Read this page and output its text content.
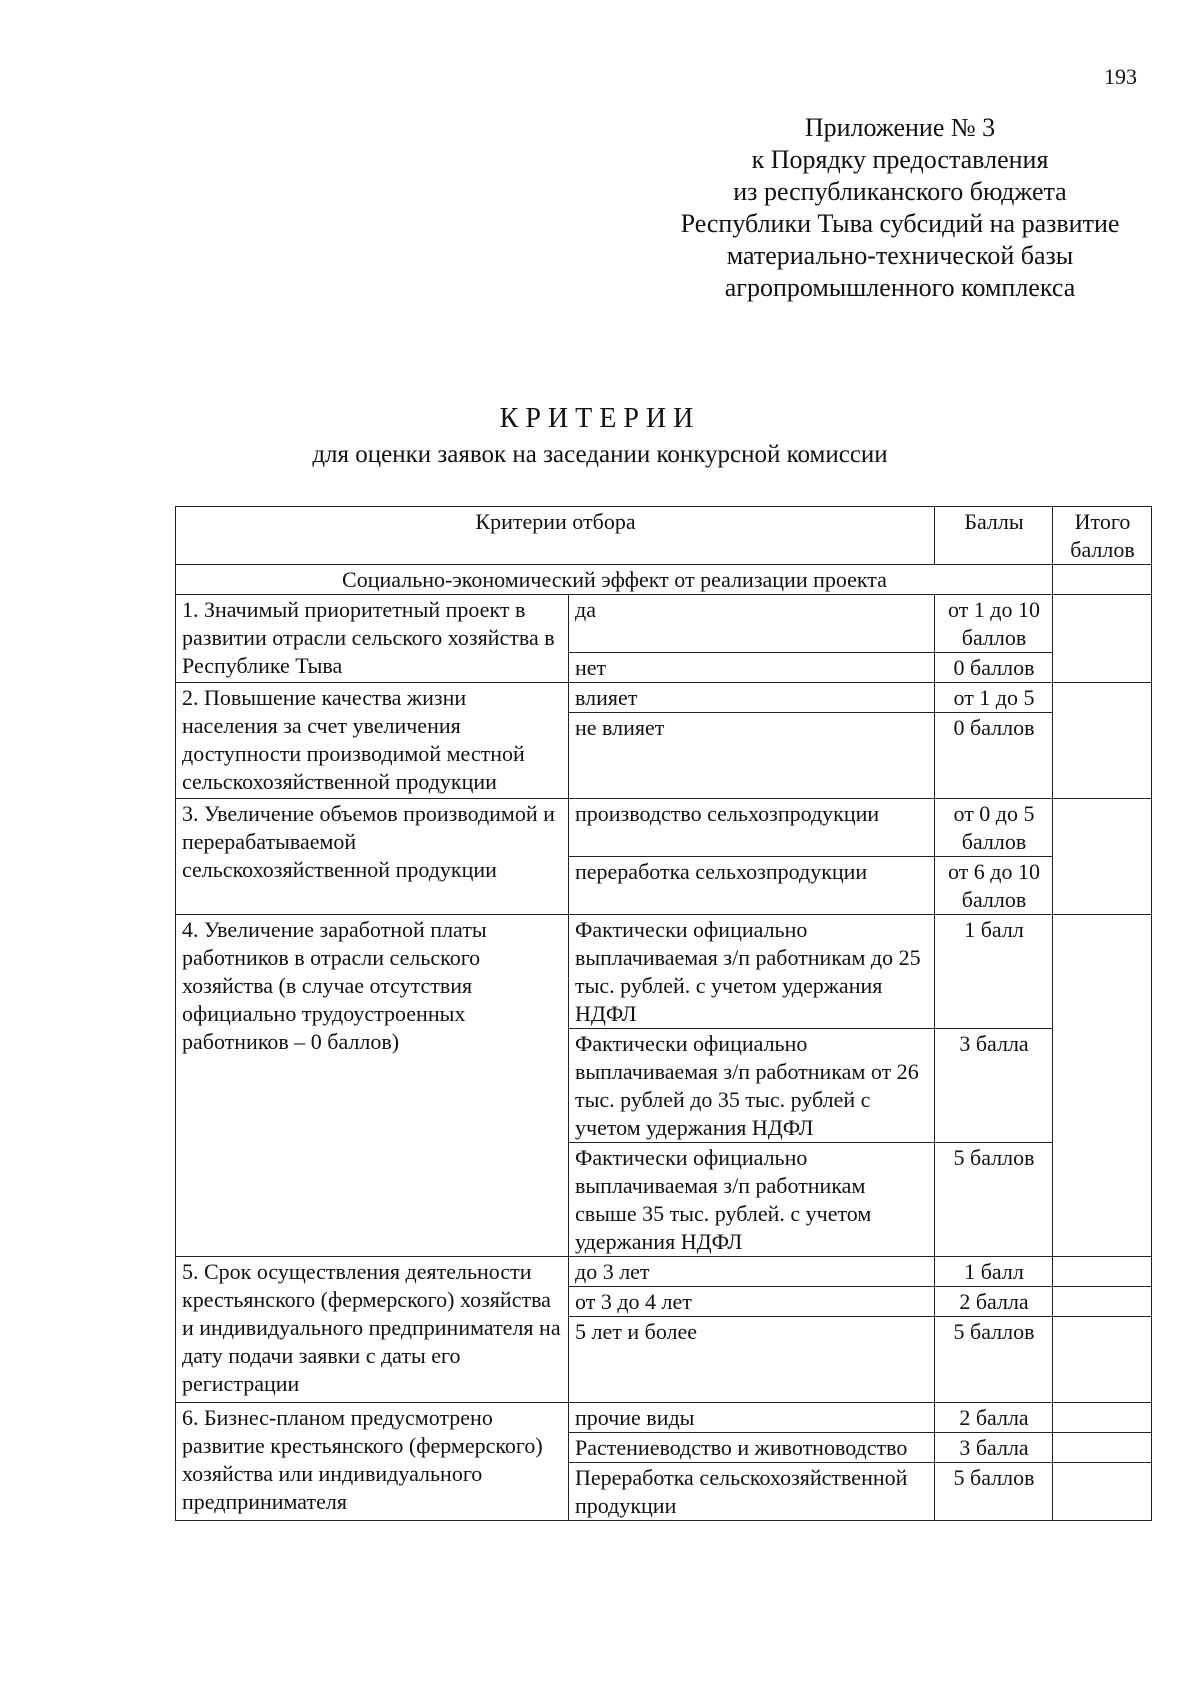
193
Приложение № 3
к Порядку предоставления
из республиканского бюджета
Республики Тыва субсидий на развитие
материально-технической базы
агропромышленного комплекса
КРИТЕРИИ
для оценки заявок на заседании конкурсной комиссии
Критерии отбора		Баллы	Итого баллов
Социально-экономический эффект от реализации проекта			
1. Значимый приоритетный проект в развитии отрасли сельского хозяйства в Республике Тыва	да	от 1 до 10 баллов	
	нет	0 баллов	
2. Повышение качества жизни населения за счет увеличения доступности производимой местной сельскохозяйственной продукции	влияет	от 1 до 5	
	не влияет	0 баллов	
3. Увеличение объемов производимой и перерабатываемой сельскохозяйственной продукции	производство сельхозпродукции	от 0 до 5 баллов	
	переработка сельхозпродукции	от 6 до 10 баллов	
4. Увеличение заработной платы работников в отрасли сельского хозяйства (в случае отсутствия официально трудоустроенных работников – 0 баллов)	Фактически официально выплачиваемая з/п работникам до 25 тыс. рублей. с учетом удержания НДФЛ	1 балл	
	Фактически официально выплачиваемая з/п работникам от 26 тыс. рублей до 35 тыс. рублей с учетом удержания НДФЛ	3 балла	
	Фактически официально выплачиваемая з/п работникам свыше 35 тыс. рублей. с учетом удержания НДФЛ	5 баллов	
5. Срок осуществления деятельности крестьянского (фермерского) хозяйства и индивидуального предпринимателя на дату подачи заявки с даты его регистрации	до 3 лет	1 балл	
	от 3 до 4 лет	2 балла	
	5 лет и более	5 баллов	
6. Бизнес-планом предусмотрено развитие крестьянского (фермерского) хозяйства или индивидуального предпринимателя	прочие виды	2 балла	
	Растениеводство и животноводство	3 балла	
	Переработка сельскохозяйственной продукции	5 баллов	
